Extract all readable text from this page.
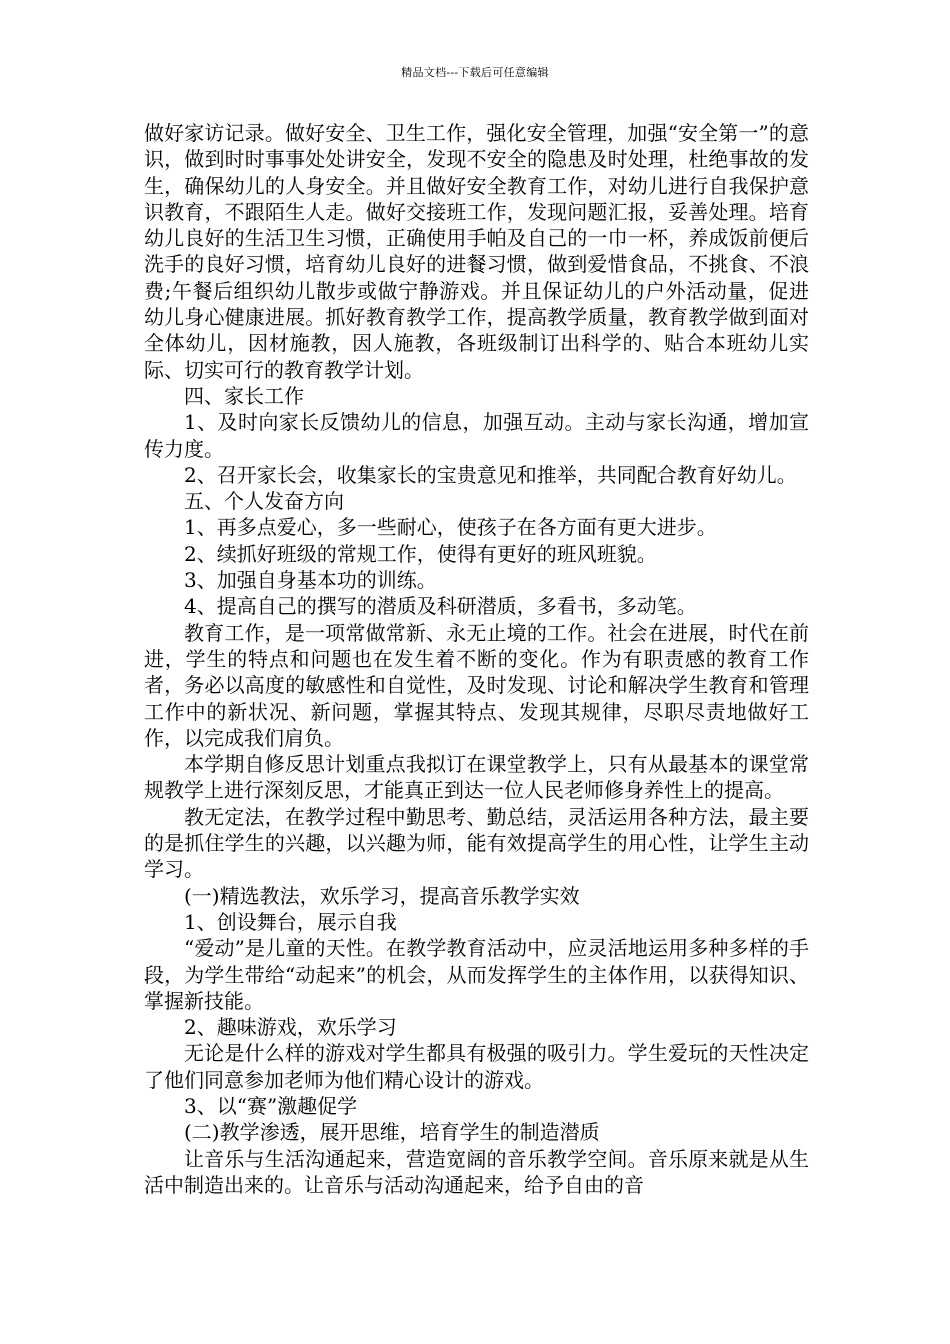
精品文档---下载后可任意编辑

做好家访记录。做好安全、卫生工作，强化安全管理，加强“安全第一”的意识，做到时时事事处处讲安全，发现不安全的隐患及时处理，杜绝事故的发生，确保幼儿的人身安全。并且做好安全教育工作，对幼儿进行自我保护意识教育，不跟陌生人走。做好交接班工作，发现问题汇报，妥善处理。培育幼儿良好的生活卫生习惯，正确使用手帕及自己的一巾一杯，养成饭前便后洗手的良好习惯，培育幼儿良好的进餐习惯，做到爱惜食品，不挑食、不浪费;午餐后组织幼儿散步或做宁静游戏。并且保证幼儿的户外活动量，促进幼儿身心健康进展。抓好教育教学工作，提高教学质量，教育教学做到面对全体幼儿，因材施教，因人施教，各班级制订出科学的、贴合本班幼儿实际、切实可行的教育教学计划。

四、家长工作

1、及时向家长反馈幼儿的信息，加强互动。主动与家长沟通，增加宣传力度。

2、召开家长会，收集家长的宝贵意见和推举，共同配合教育好幼儿。

五、个人发奋方向

1、再多点爱心，多一些耐心，使孩子在各方面有更大进步。

2、续抓好班级的常规工作，使得有更好的班风班貌。

3、加强自身基本功的训练。

4、提高自己的撰写的潜质及科研潜质，多看书，多动笔。

教育工作，是一项常做常新、永无止境的工作。社会在进展，时代在前进，学生的特点和问题也在发生着不断的变化。作为有职责感的教育工作者，务必以高度的敏感性和自觉性，及时发现、讨论和解决学生教育和管理工作中的新状况、新问题，掌握其特点、发现其规律，尽职尽责地做好工作，以完成我们肩负。

本学期自修反思计划重点我拟订在课堂教学上，只有从最基本的课堂常规教学上进行深刻反思，才能真正到达一位人民老师修身养性上的提高。

教无定法，在教学过程中勤思考、勤总结，灵活运用各种方法，最主要的是抓住学生的兴趣，以兴趣为师，能有效提高学生的用心性，让学生主动学习。

(一)精选教法，欢乐学习，提高音乐教学实效

1、创设舞台，展示自我

“爱动”是儿童的天性。在教学教育活动中，应灵活地运用多种多样的手段，为学生带给“动起来”的机会，从而发挥学生的主体作用，以获得知识、掌握新技能。

2、趣味游戏，欢乐学习

无论是什么样的游戏对学生都具有极强的吸引力。学生爱玩的天性决定了他们同意参加老师为他们精心设计的游戏。

3、以“赛”激趣促学

(二)教学渗透，展开思维，培育学生的制造潜质

让音乐与生活沟通起来，营造宽阔的音乐教学空间。音乐原来就是从生活中制造出来的。让音乐与活动沟通起来，给予自由的音
